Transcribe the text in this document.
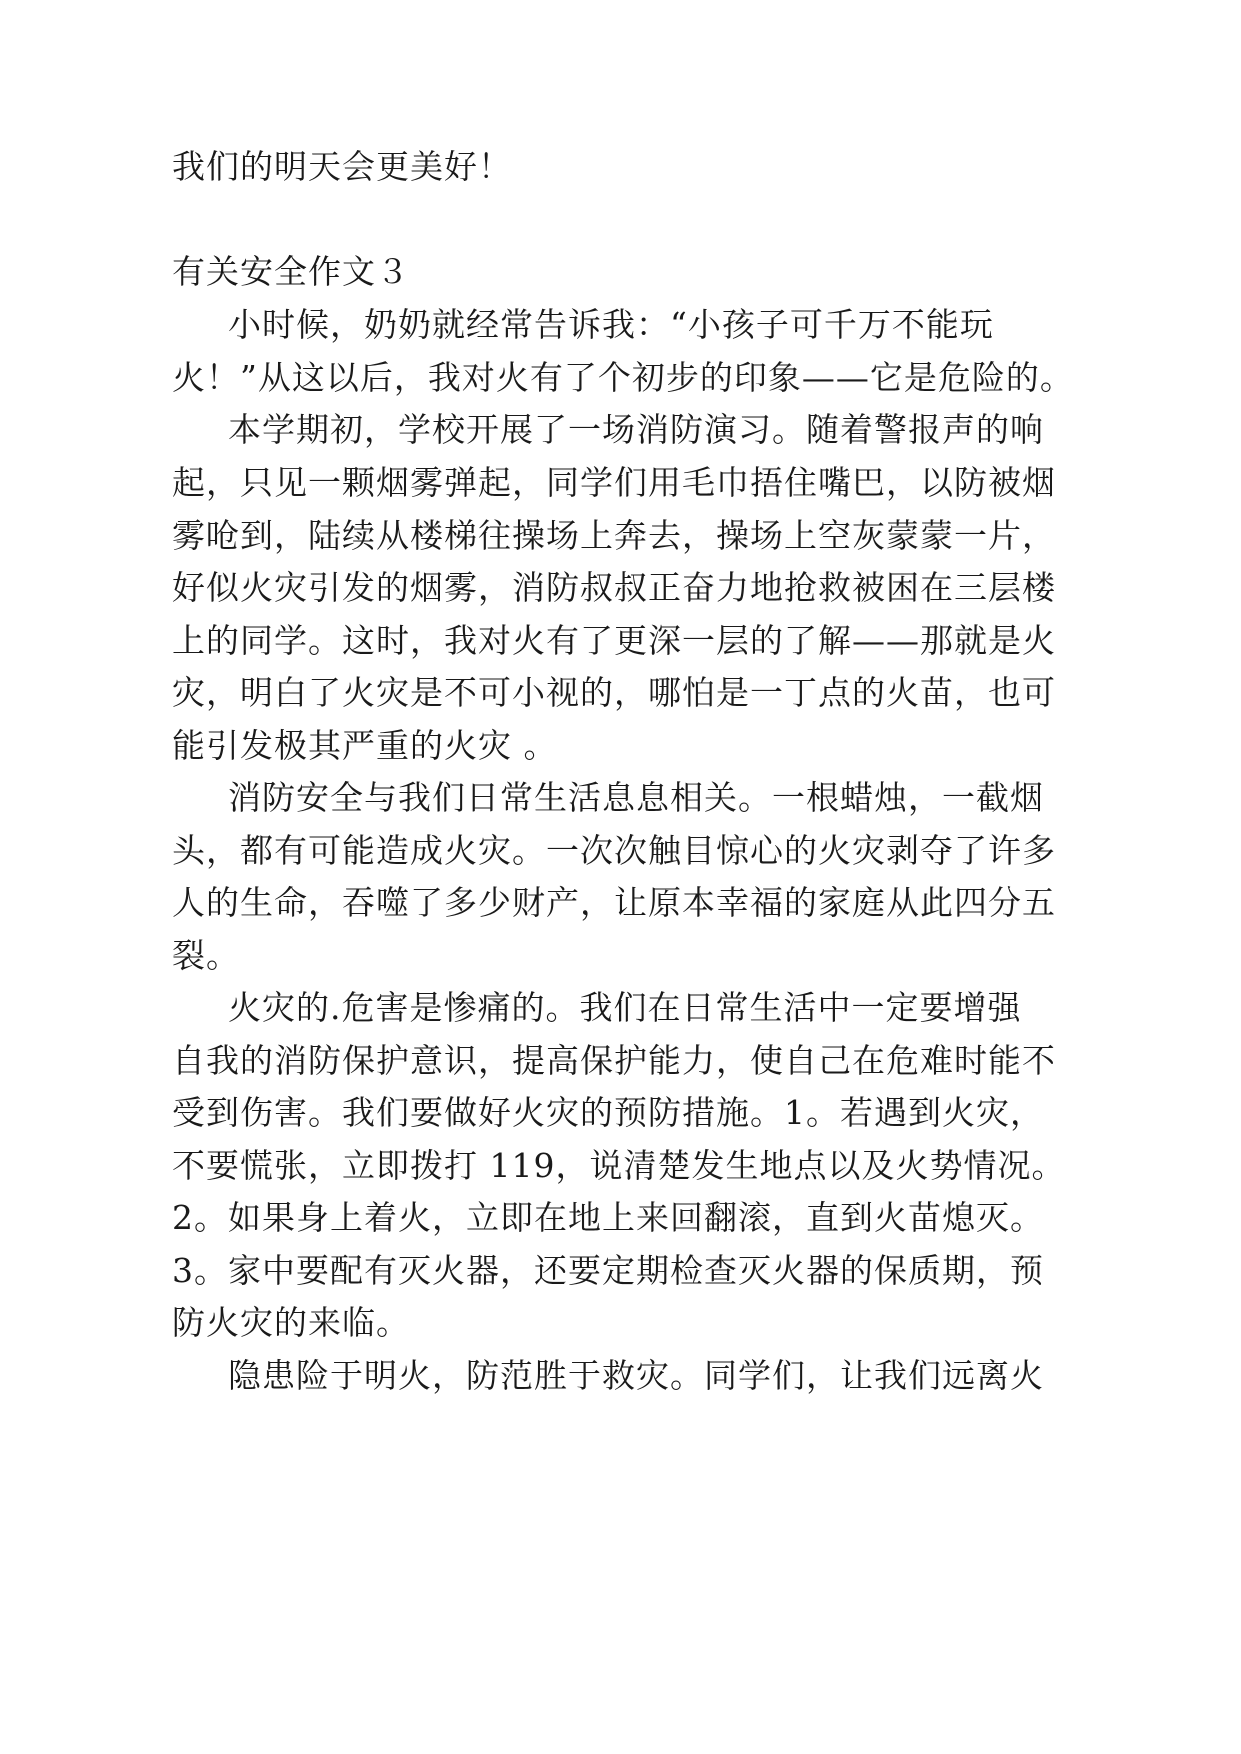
我们的明天会更美好！

有关安全作文３

小时候，奶奶就经常告诉我：“小孩子可千万不能玩

火！”从这以后，我对火有了个初步的印象——它是危险的。

本学期初，学校开展了一场消防演习。随着警报声的响

起，只见一颗烟雾弹起，同学们用毛巾捂住嘴巴，以防被烟

雾呛到，陆续从楼梯往操场上奔去，操场上空灰蒙蒙一片，

好似火灾引发的烟雾，消防叔叔正奋力地抢救被困在三层楼

上的同学。这时，我对火有了更深一层的了解——那就是火

灾，明白了火灾是不可小视的，哪怕是一丁点的火苗，也可

能引发极其严重的火灾 。

消防安全与我们日常生活息息相关。一根蜡烛，一截烟

头，都有可能造成火灾。一次次触目惊心的火灾剥夺了许多

人的生命，吞噬了多少财产，让原本幸福的家庭从此四分五

裂。

火灾的.危害是惨痛的。我们在日常生活中一定要增强

自我的消防保护意识，提高保护能力，使自己在危难时能不

受到伤害。我们要做好火灾的预防措施。1。若遇到火灾，

不要慌张，立即拨打 119，说清楚发生地点以及火势情况。

2。如果身上着火，立即在地上来回翻滚，直到火苗熄灭。

3。家中要配有灭火器，还要定期检查灭火器的保质期，预

防火灾的来临。

隐患险于明火，防范胜于救灾。同学们，让我们远离火
